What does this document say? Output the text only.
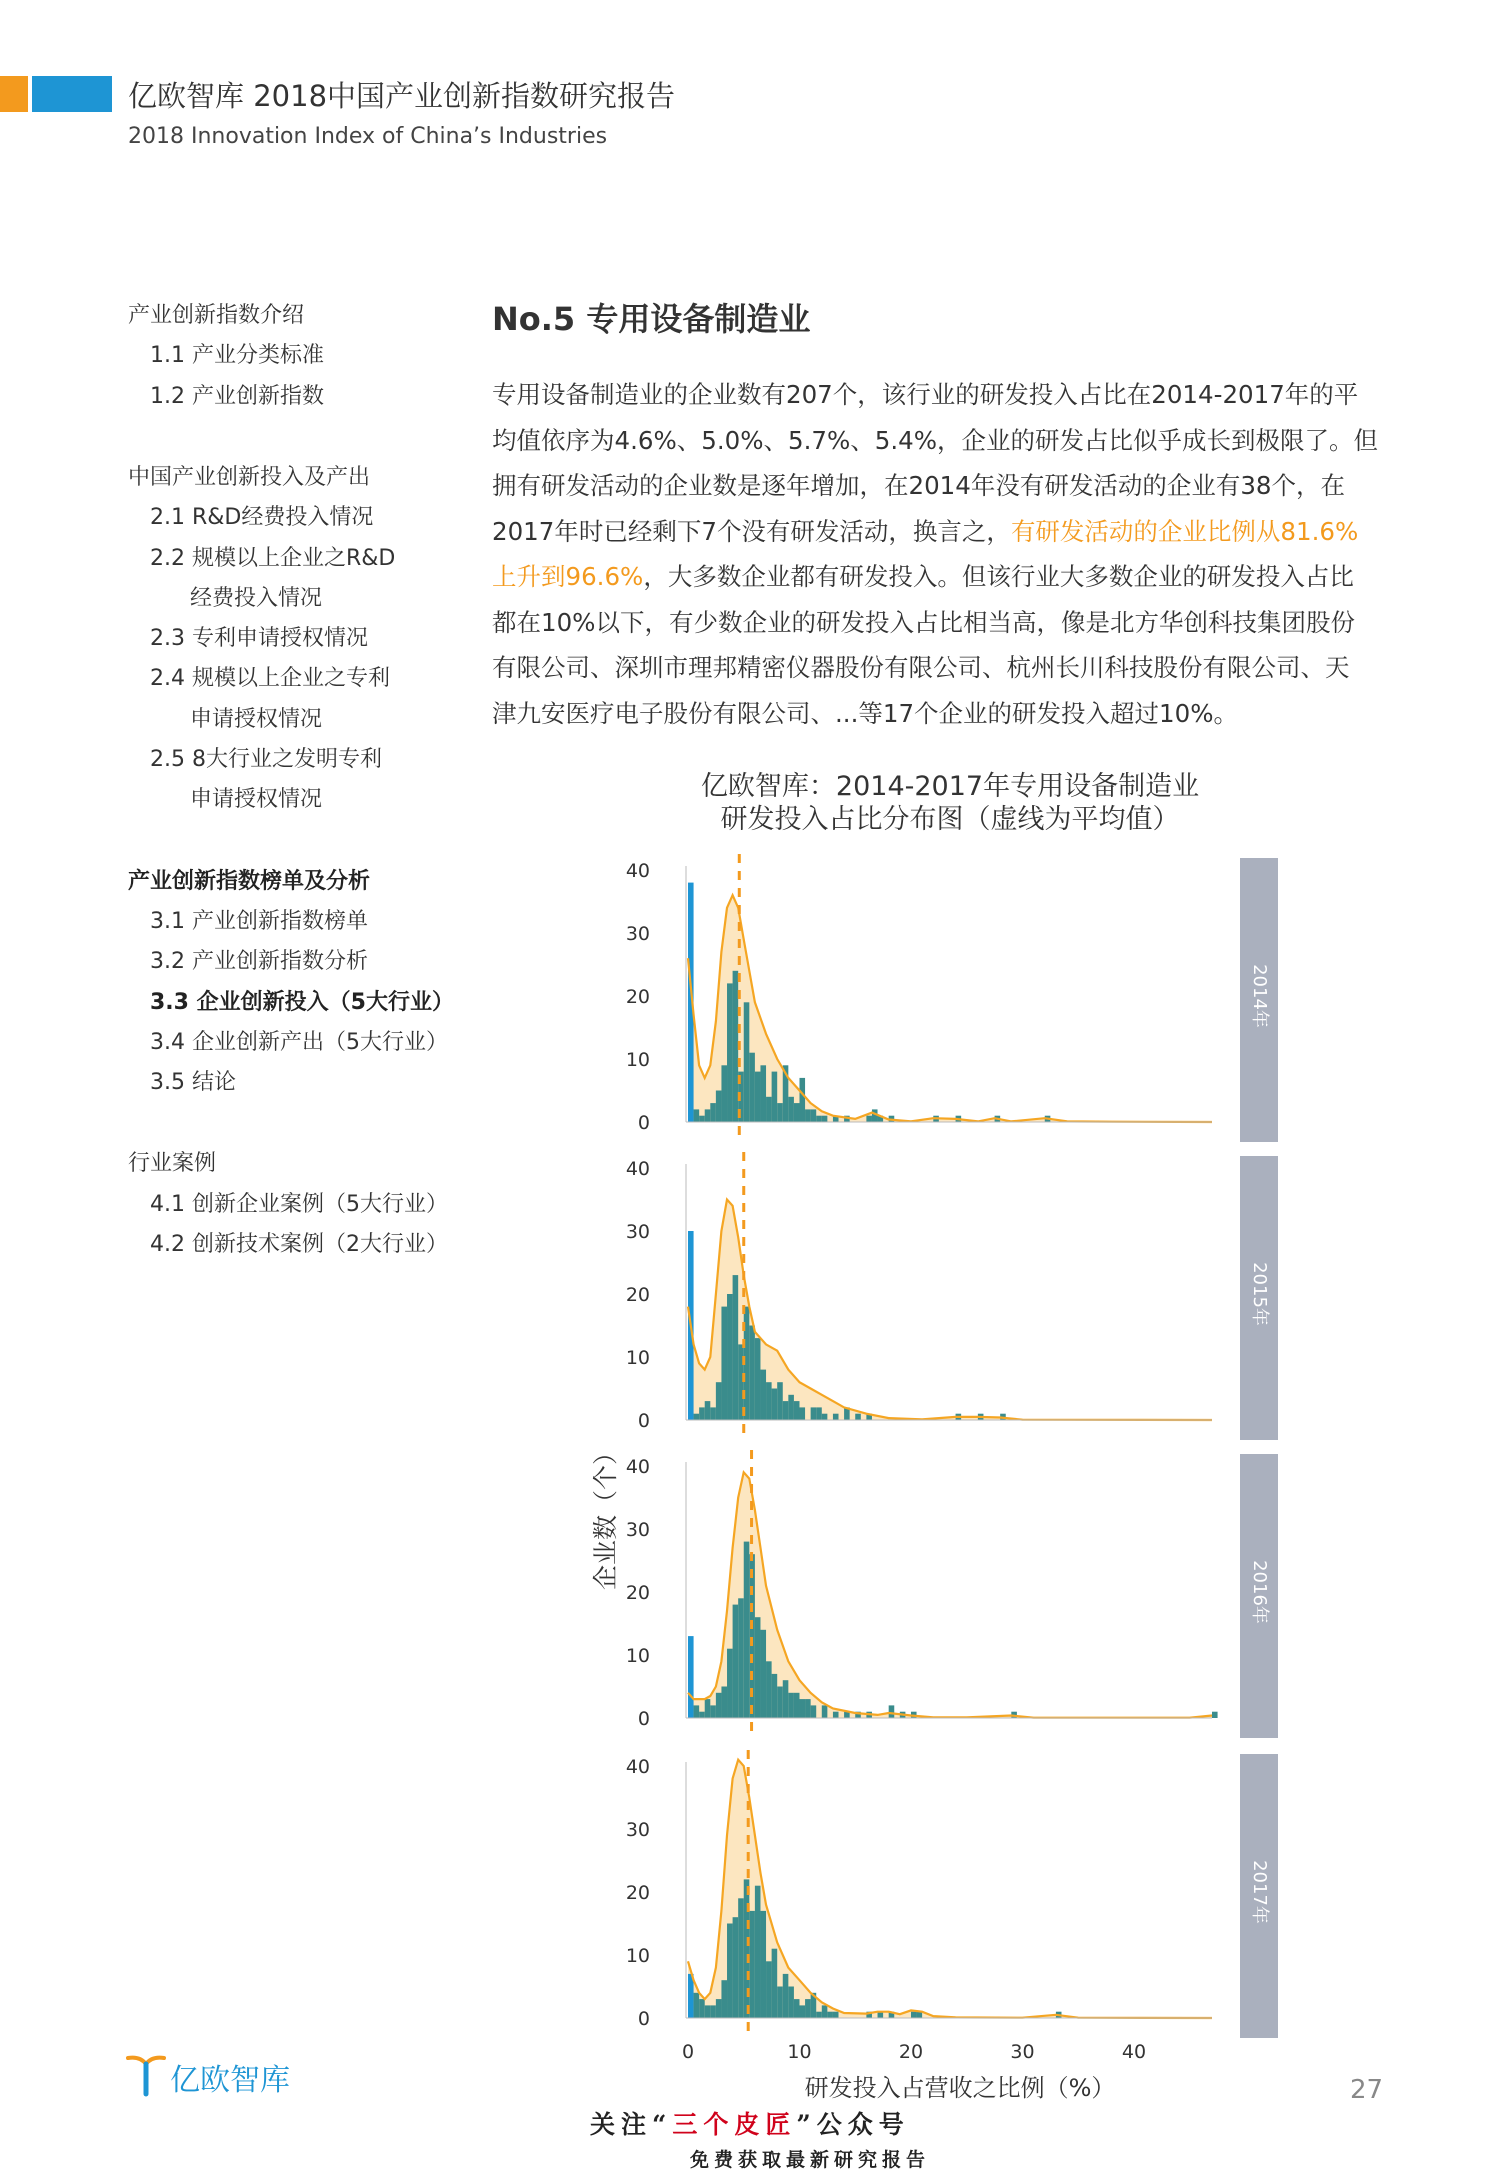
亿欧智库 2018中国产业创新指数研究报告
2018 Innovation Index of China’s Industries
产业创新指数介绍
1.1 产业分类标准
1.2 产业创新指数
中国产业创新投入及产出
2.1 R&D经费投入情况
2.2 规模以上企业之R&D
经费投入情况
2.3 专利申请授权情况
2.4 规模以上企业之专利
申请授权情况
2.5 8大行业之发明专利
申请授权情况
产业创新指数榜单及分析
3.1 产业创新指数榜单
3.2 产业创新指数分析
3.3 企业创新投入（5大行业）
3.4 企业创新产出（5大行业）
3.5 结论
行业案例
4.1 创新企业案例（5大行业）
4.2 创新技术案例（2大行业）
No.5 专用设备制造业
专用设备制造业的企业数有207个，该行业的研发投入占比在2014-2017年的平
均值依序为4.6%、5.0%、5.7%、5.4%，企业的研发占比似乎成长到极限了。但
拥有研发活动的企业数是逐年增加，在2014年没有研发活动的企业有38个，在
2017年时已经剩下7个没有研发活动，换言之，有研发活动的企业比例从81.6%
上升到96.6%，大多数企业都有研发投入。但该行业大多数企业的研发投入占比
都在10%以下，有少数企业的研发投入占比相当高，像是北方华创科技集团股份
有限公司、深圳市理邦精密仪器股份有限公司、杭州长川科技股份有限公司、天
津九安医疗电子股份有限公司、...等17个企业的研发投入超过10%。
亿欧智库：2014-2017年专用设备制造业
研发投入占比分布图（虚线为平均值）
0
10
20
30
40
2014年
0
10
20
30
40
2015年
0
10
20
30
40
2016年
0
10
20
30
40
2017年
0	10	20	30	40
研发投入占营收之比例（%）
企业数（个）
亿欧智库	27
关注“三个皮匠”公众号
免费获取最新研究报告
